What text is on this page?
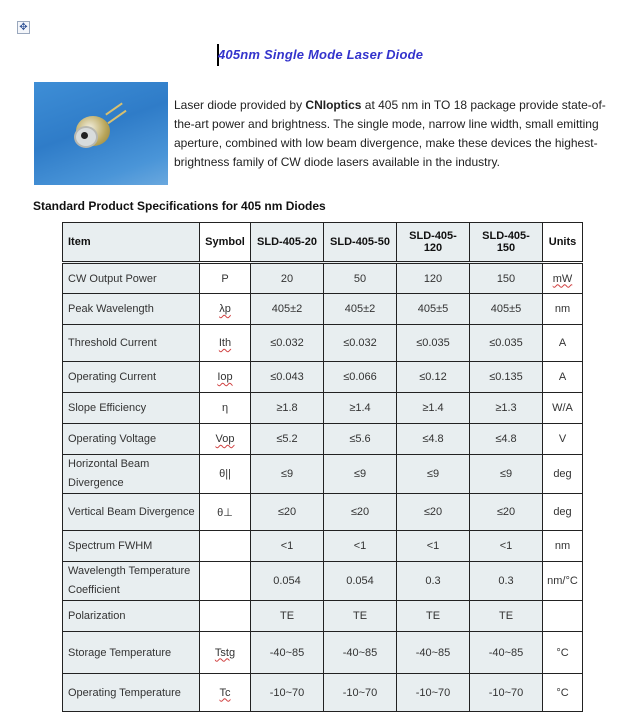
✥
405nm Single Mode Laser Diode
Laser diode provided by CNIoptics at 405 nm in TO 18 package provide state-of-the-art power and brightness. The single mode, narrow line width, small emitting aperture, combined with low beam divergence, make these devices the highest-brightness family of CW diode lasers available in the industry.
Standard Product Specifications for 405 nm Diodes
Item	Symbol	SLD-405-20	SLD-405-50	SLD-405-120	SLD-405-150	Units
CW Output Power	P	20	50	120	150	mW
Peak Wavelength	λp	405±2	405±2	405±5	405±5	nm
Threshold Current	Ith	≤0.032	≤0.032	≤0.035	≤0.035	A
Operating Current	Iop	≤0.043	≤0.066	≤0.12	≤0.135	A
Slope Efficiency	η	≥1.8	≥1.4	≥1.4	≥1.3	W/A
Operating Voltage	Vop	≤5.2	≤5.6	≤4.8	≤4.8	V
Horizontal Beam Divergence	θ||	≤9	≤9	≤9	≤9	deg
Vertical Beam Divergence	θ⊥	≤20	≤20	≤20	≤20	deg
Spectrum FWHM		<1	<1	<1	<1	nm
Wavelength Temperature Coefficient		0.054	0.054	0.3	0.3	nm/°C
Polarization		TE	TE	TE	TE	
Storage Temperature	Tstg	-40~85	-40~85	-40~85	-40~85	°C
Operating Temperature	Tc	-10~70	-10~70	-10~70	-10~70	°C
